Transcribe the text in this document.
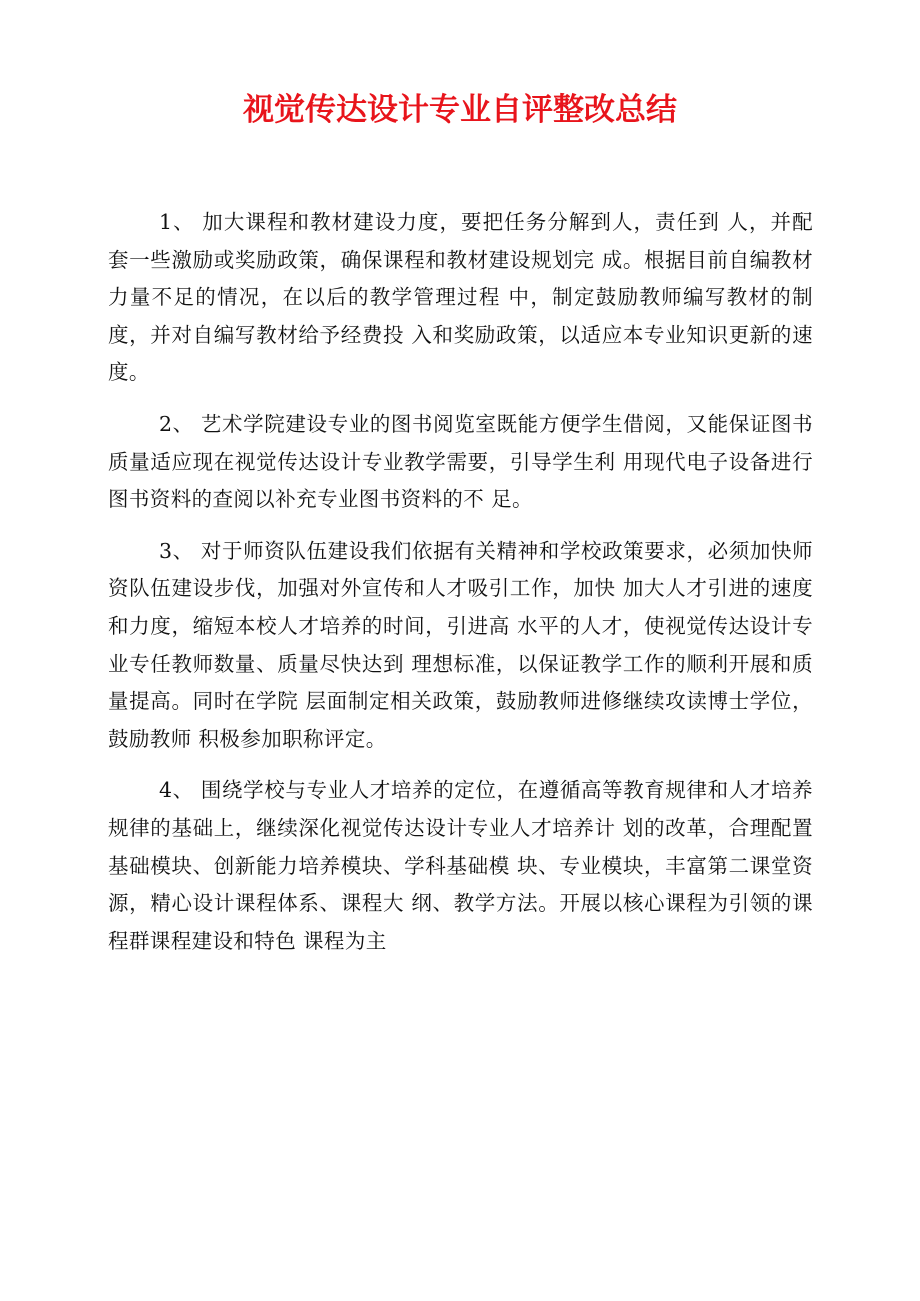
视觉传达设计专业自评整改总结

1、 加大课程和教材建设力度，要把任务分解到人，责任到 人，并配套一些激励或奖励政策，确保课程和教材建设规划完 成。根据目前自编教材力量不足的情况，在以后的教学管理过程 中，制定鼓励教师编写教材的制度，并对自编写教材给予经费投 入和奖励政策，以适应本专业知识更新的速度。

2、 艺术学院建设专业的图书阅览室既能方便学生借阅，又能保证图书质量适应现在视觉传达设计专业教学需要，引导学生利 用现代电子设备进行图书资料的查阅以补充专业图书资料的不 足。

3、 对于师资队伍建设我们依据有关精神和学校政策要求，必须加快师资队伍建设步伐，加强对外宣传和人才吸引工作，加快 加大人才引进的速度和力度，缩短本校人才培养的时间，引进高 水平的人才，使视觉传达设计专业专任教师数量、质量尽快达到 理想标准，以保证教学工作的顺利开展和质量提高。同时在学院 层面制定相关政策，鼓励教师进修继续攻读博士学位，鼓励教师 积极参加职称评定。

4、 围绕学校与专业人才培养的定位，在遵循高等教育规律和人才培养规律的基础上，继续深化视觉传达设计专业人才培养计 划的改革，合理配置基础模块、创新能力培养模块、学科基础模 块、专业模块，丰富第二课堂资源，精心设计课程体系、课程大 纲、教学方法。开展以核心课程为引领的课程群课程建设和特色 课程为主
